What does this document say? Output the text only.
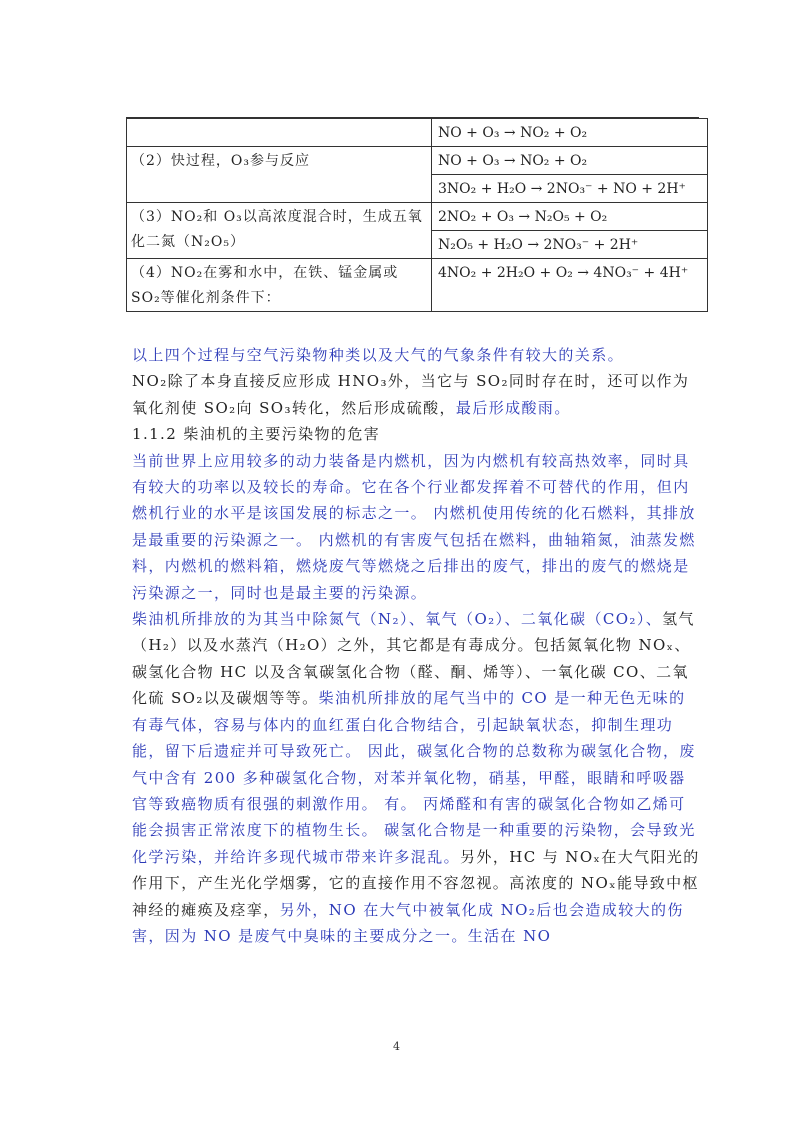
	NO + O₃ → NO₂ + O₂
（2）快过程，O₃参与反应	NO + O₃ → NO₂ + O₂
	3NO₂ + H₂O → 2NO₃⁻ + NO + 2H⁺
（3）NO₂和 O₃以高浓度混合时，生成五氧化二氮（N₂O₅）	2NO₂ + O₃ → N₂O₅ + O₂
	N₂O₅ + H₂O → 2NO₃⁻ + 2H⁺
（4）NO₂在雾和水中，在铁、锰金属或 SO₂等催化剂条件下：	4NO₂ + 2H₂O + O₂ → 4NO₃⁻ + 4H⁺

以上四个过程与空气污染物种类以及大气的气象条件有较大的关系。

NO₂除了本身直接反应形成 HNO₃外，当它与 SO₂同时存在时，还可以作为氧化剂使 SO₂向 SO₃转化，然后形成硫酸，最后形成酸雨。

1.1.2 柴油机的主要污染物的危害

当前世界上应用较多的动力装备是内燃机，因为内燃机有较高热效率，同时具有较大的功率以及较长的寿命。它在各个行业都发挥着不可替代的作用，但内燃机行业的水平是该国发展的标志之一。 内燃机使用传统的化石燃料，其排放是最重要的污染源之一。 内燃机的有害废气包括在燃料，曲轴箱氮，油蒸发燃料，内燃机的燃料箱，燃烧废气等燃烧之后排出的废气，排出的废气的燃烧是污染源之一，同时也是最主要的污染源。

柴油机所排放的为其当中除氮气（N₂）、氧气（O₂）、二氧化碳（CO₂）、氢气（H₂）以及水蒸汽（H₂O）之外，其它都是有毒成分。包括氮氧化物 NOₓ、碳氢化合物 HC 以及含氧碳氢化合物（醛、酮、烯等）、一氧化碳 CO、二氧化硫 SO₂以及碳烟等等。柴油机所排放的尾气当中的 CO 是一种无色无味的有毒气体，容易与体内的血红蛋白化合物结合，引起缺氧状态，抑制生理功能，留下后遗症并可导致死亡。 因此，碳氢化合物的总数称为碳氢化合物，废气中含有 200 多种碳氢化合物，对苯并氧化物，硝基，甲醛，眼睛和呼吸器官等致癌物质有很强的刺激作用。 有。 丙烯醛和有害的碳氢化合物如乙烯可能会损害正常浓度下的植物生长。 碳氢化合物是一种重要的污染物，会导致光化学污染，并给许多现代城市带来许多混乱。另外，HC 与 NOₓ在大气阳光的作用下，产生光化学烟雾，它的直接作用不容忽视。高浓度的 NOₓ能导致中枢神经的瘫痪及痉挛，另外，NO 在大气中被氧化成 NO₂后也会造成较大的伤害，因为 NO 是废气中臭味的主要成分之一。生活在 NO

4
